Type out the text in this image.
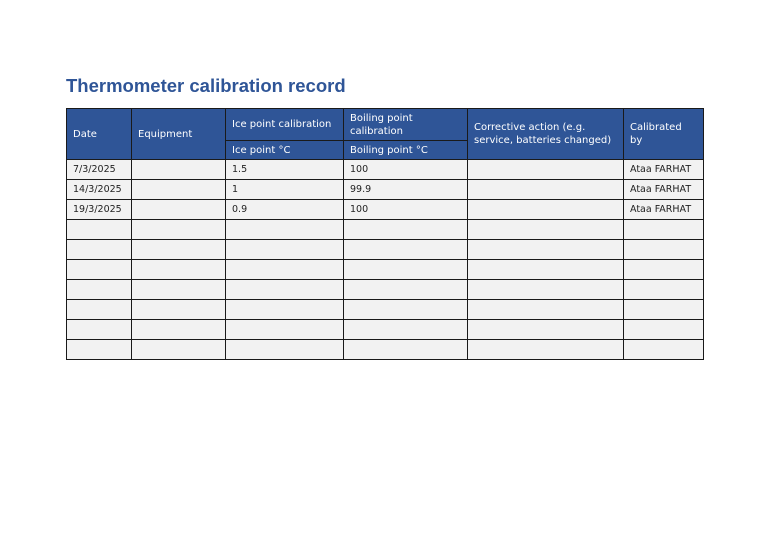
Thermometer calibration record
Date	Equipment	Ice point calibration	Boiling point calibration	Corrective action (e.g. service, batteries changed)	Calibrated by
		Ice point °C	Boiling point °C		
7/3/2025		1.5	100		Ataa FARHAT
14/3/2025		1	99.9		Ataa FARHAT
19/3/2025		0.9	100		Ataa FARHAT
